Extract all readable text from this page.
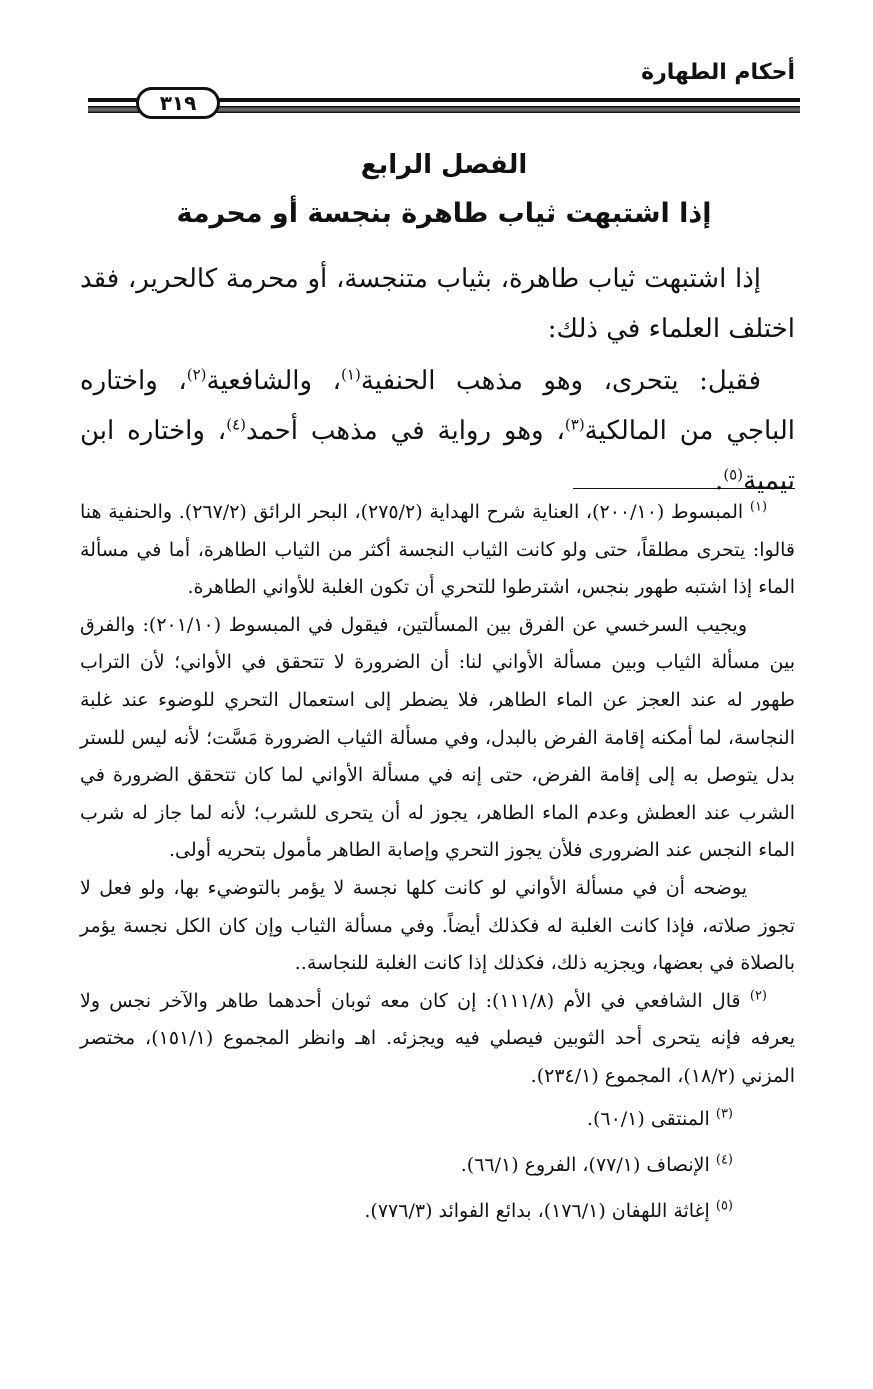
أحكام الطهارة
٣١٩
الفصل الرابع
إذا اشتبهت ثياب طاهرة بنجسة أو محرمة
إذا اشتبهت ثياب طاهرة، بثياب متنجسة، أو محرمة كالحرير، فقد اختلف العلماء في ذلك:
فقيل: يتحرى، وهو مذهب الحنفية$^{(١)}$، والشافعية$^{(٢)}$، واختاره الباجي من المالكية$^{(٣)}$، وهو رواية في مذهب أحمد$^{(٤)}$، واختاره ابن تيمية$^{(٥)}$.

$^{(١)}$ المبسوط (٢٠٠/١٠)، العناية شرح الهداية (٢٧٥/٢)، البحر الرائق (٢٦٧/٢). والحنفية هنا قالوا: يتحرى مطلقاً، حتى ولو كانت الثياب النجسة أكثر من الثياب الطاهرة، أما في مسألة الماء إذا اشتبه طهور بنجس، اشترطوا للتحري أن تكون الغلبة للأواني الطاهرة.

ويجيب السرخسي عن الفرق بين المسألتين، فيقول في المبسوط (٢٠١/١٠): والفرق بين مسألة الثياب وبين مسألة الأواني لنا: أن الضرورة لا تتحقق في الأواني؛ لأن التراب طهور له عند العجز عن الماء الطاهر، فلا يضطر إلى استعمال التحري للوضوء عند غلبة النجاسة، لما أمكنه إقامة الفرض بالبدل، وفي مسألة الثياب الضرورة مَسَّت؛ لأنه ليس للستر بدل يتوصل به إلى إقامة الفرض، حتى إنه في مسألة الأواني لما كان تتحقق الضرورة في الشرب عند العطش وعدم الماء الطاهر، يجوز له أن يتحرى للشرب؛ لأنه لما جاز له شرب الماء النجس عند الضرورى فلأن يجوز التحري وإصابة الطاهر مأمول بتحريه أولى.

يوضحه أن في مسألة الأواني لو كانت كلها نجسة لا يؤمر بالتوضيء بها، ولو فعل لا تجوز صلاته، فإذا كانت الغلبة له فكذلك أيضاً. وفي مسألة الثياب وإن كان الكل نجسة يؤمر بالصلاة في بعضها، ويجزيه ذلك، فكذلك إذا كانت الغلبة للنجاسة..

$^{(٢)}$ قال الشافعي في الأم (١١١/٨): إن كان معه ثوبان أحدهما طاهر والآخر نجس ولا يعرفه فإنه يتحرى أحد الثوبين فيصلي فيه ويجزئه. اهـ وانظر المجموع (١٥١/١)، مختصر المزني (١٨/٢)، المجموع (٢٣٤/١).

$^{(٣)}$ المنتقى (٦٠/١).

$^{(٤)}$ الإنصاف (٧٧/١)، الفروع (٦٦/١).

$^{(٥)}$ إغاثة اللهفان (١٧٦/١)، بدائع الفوائد (٧٧٦/٣).
